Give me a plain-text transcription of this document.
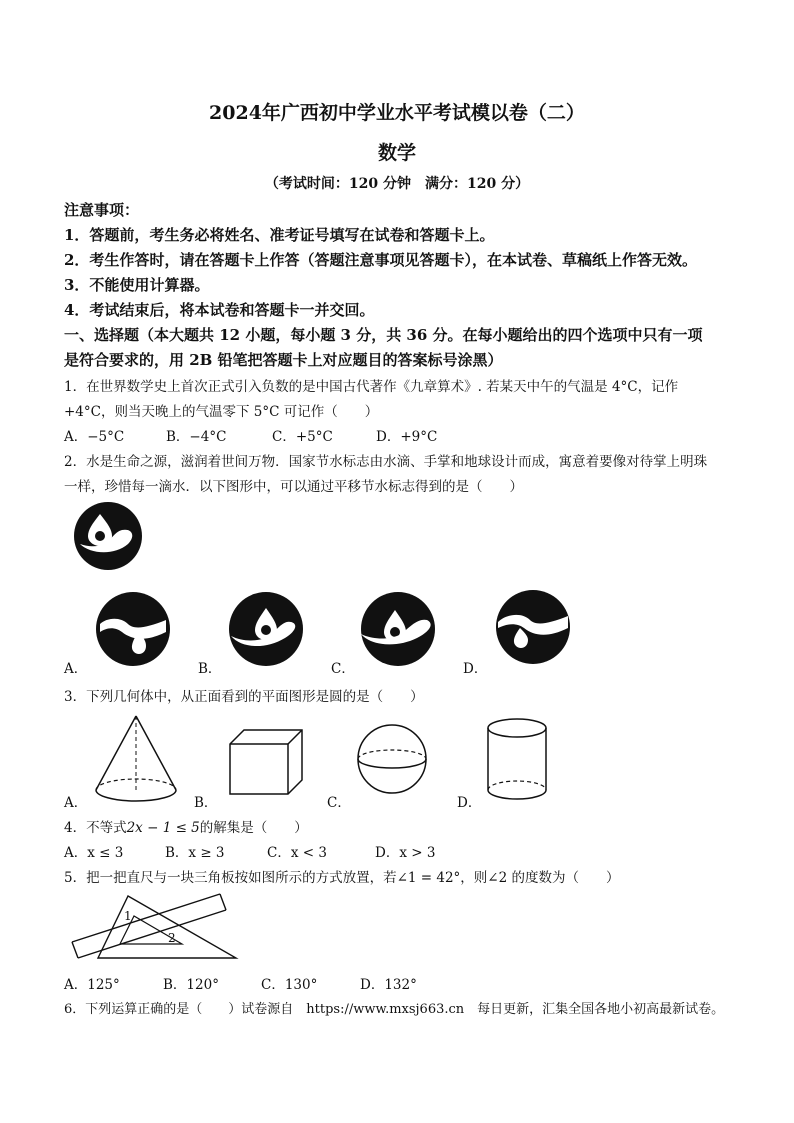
2024年广西初中学业水平考试模以卷（二）
数学
（考试时间：120 分钟　满分：120 分）
注意事项：
1．答题前，考生务必将姓名、准考证号填写在试卷和答题卡上。
2．考生作答时，请在答题卡上作答（答题注意事项见答题卡），在本试卷、草稿纸上作答无效。
3．不能使用计算器。
4．考试结束后，将本试卷和答题卡一并交回。
一、选择题（本大题共 12 小题，每小题 3 分，共 36 分。在每小题给出的四个选项中只有一项
是符合要求的，用 2B 铅笔把答题卡上对应题目的答案标号涂黑）
1．在世界数学史上首次正式引入负数的是中国古代著作《九章算术》. 若某天中午的气温是 4°C，记作
+4°C，则当天晚上的气温零下 5°C 可记作（　　）
A．−5°C	B．−4°C	C．+5°C	D．+9°C
2．水是生命之源，滋润着世间万物．国家节水标志由水滴、手掌和地球设计而成，寓意着要像对待掌上明珠
一样，珍惜每一滴水．以下图形中，可以通过平移节水标志得到的是（　　）
A．	B．	C．	D．
3．下列几何体中，从正面看到的平面图形是圆的是（　　）
A．	B．	C．	D．
4．不等式2x − 1 ≤ 5的解集是（　　）
A．x ≤ 3	B．x ≥ 3	C．x < 3	D．x > 3
5．把一把直尺与一块三角板按如图所示的方式放置，若∠1 = 42°，则∠2 的度数为（　　）
1
2
A．125°	B．120°	C．130°	D．132°
6．下列运算正确的是（　　）试卷源自　https://www.mxsj663.cn　每日更新，汇集全国各地小初高最新试卷。
